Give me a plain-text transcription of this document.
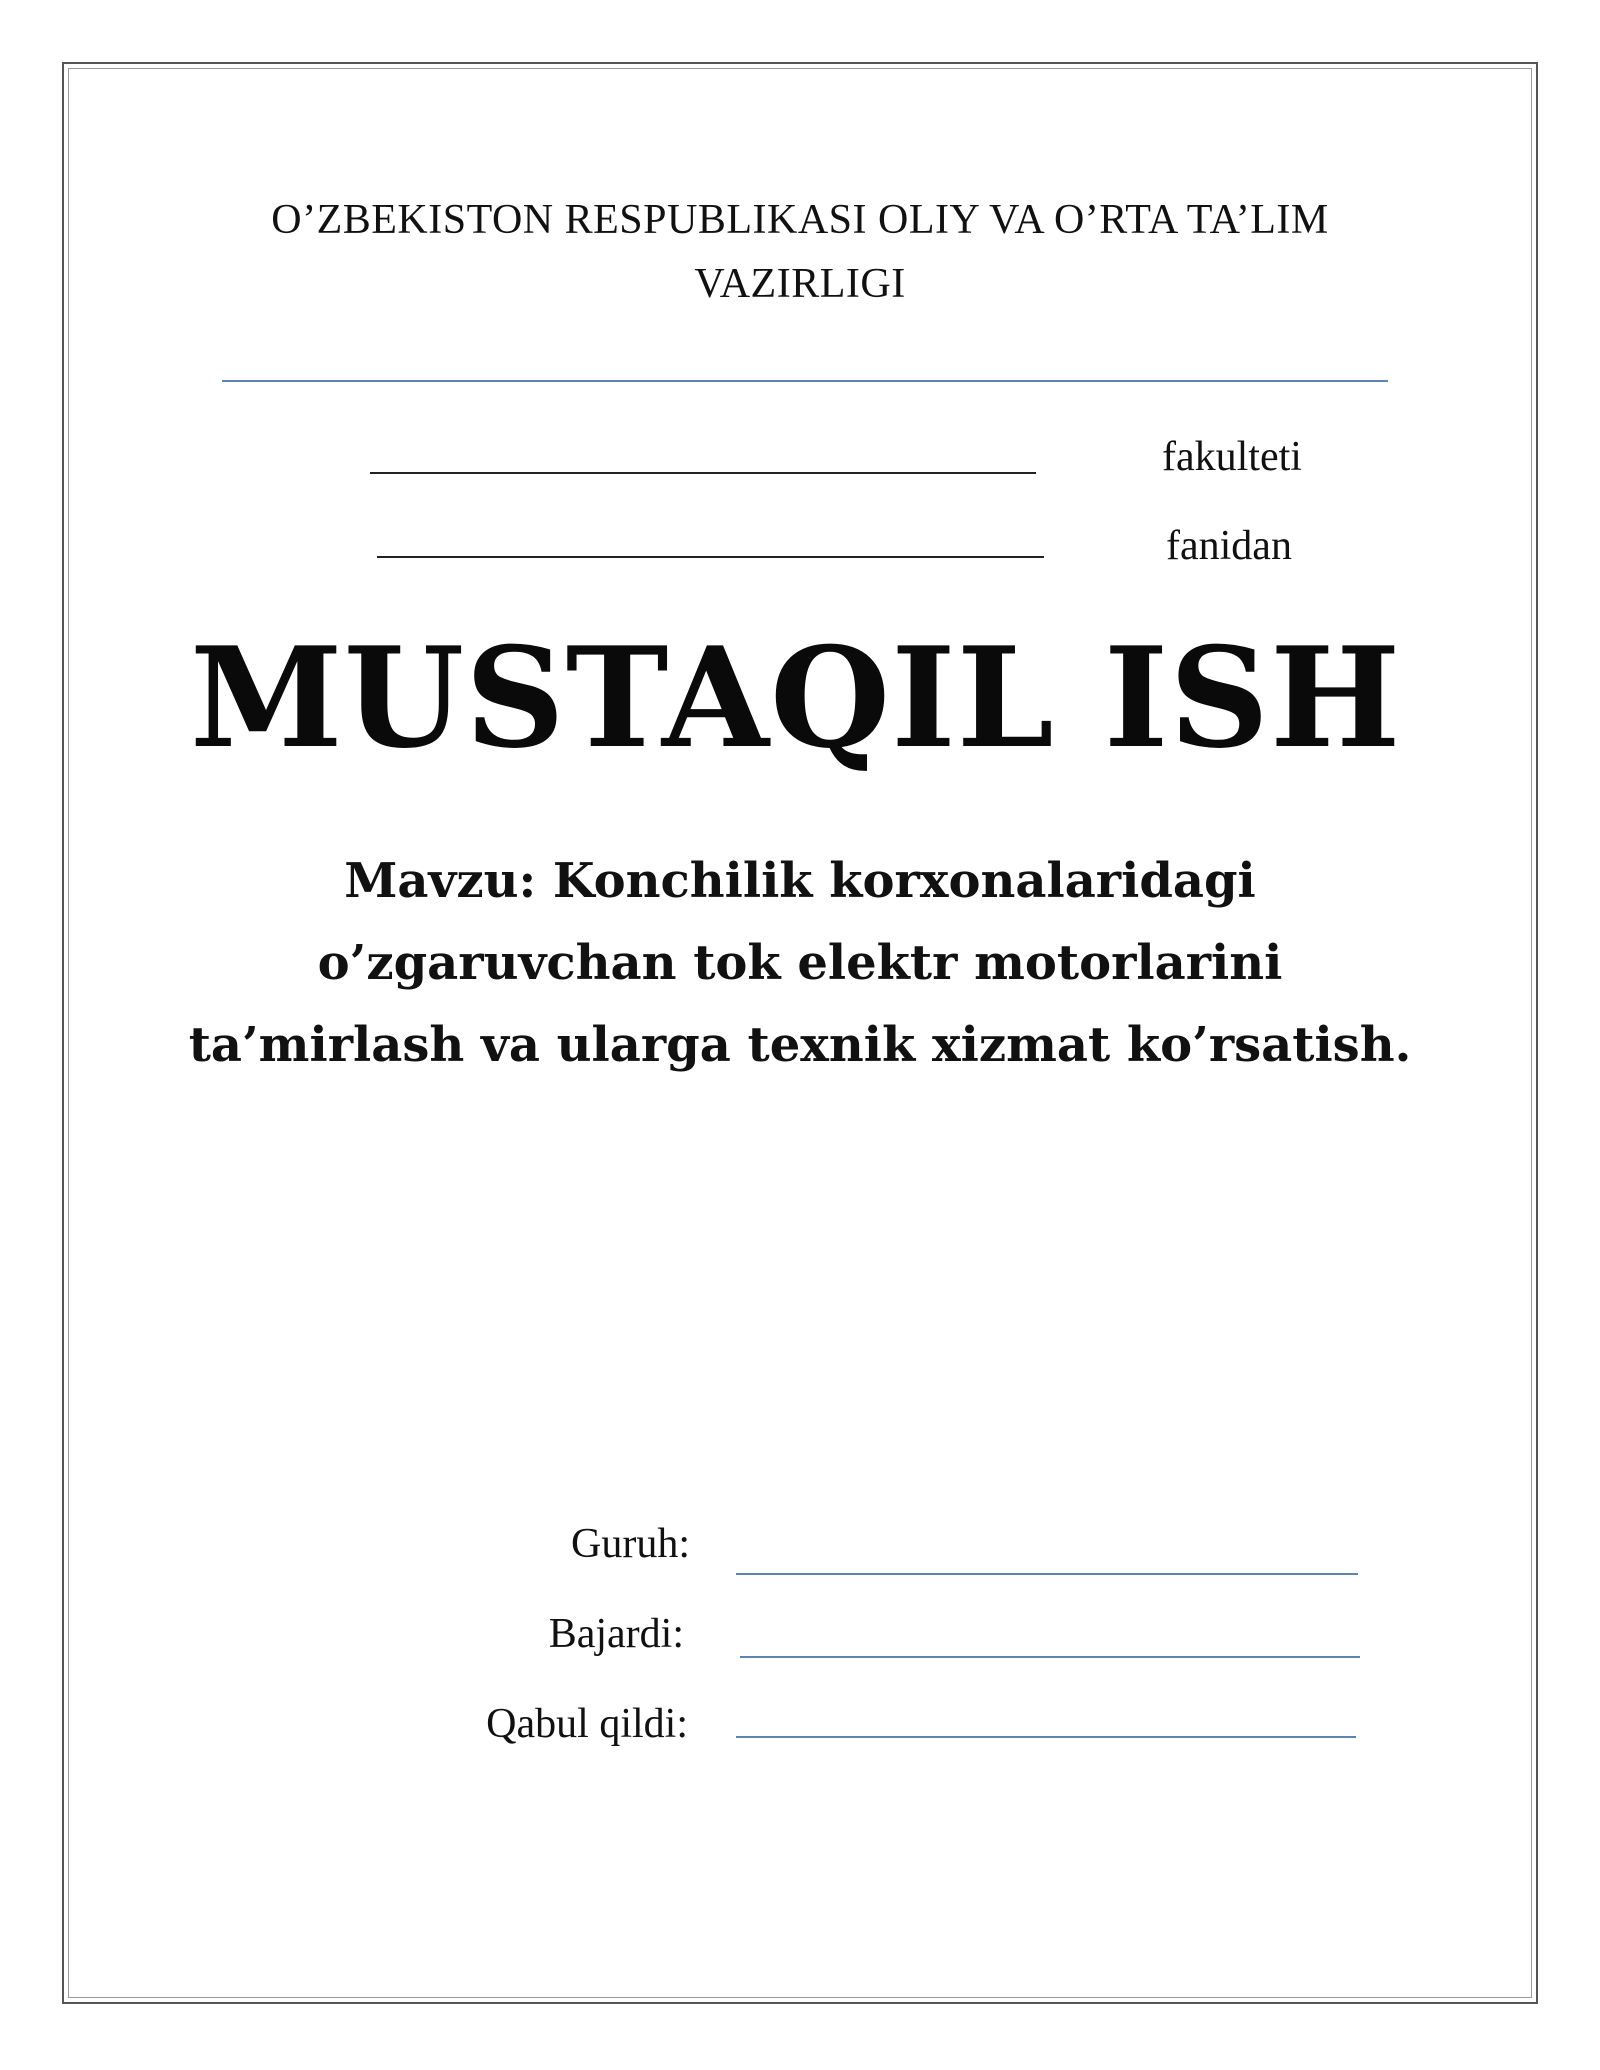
O’ZBEKISTON RESPUBLIKASI OLIY VA O’RTA TA’LIM
VAZIRLIGI
fakulteti
fanidan
MUSTAQIL ISH
Mavzu: Konchilik korxonalaridagi
o’zgaruvchan tok elektr motorlarini
ta’mirlash va ularga texnik xizmat ko’rsatish.
Guruh:
Bajardi:
Qabul qildi:
